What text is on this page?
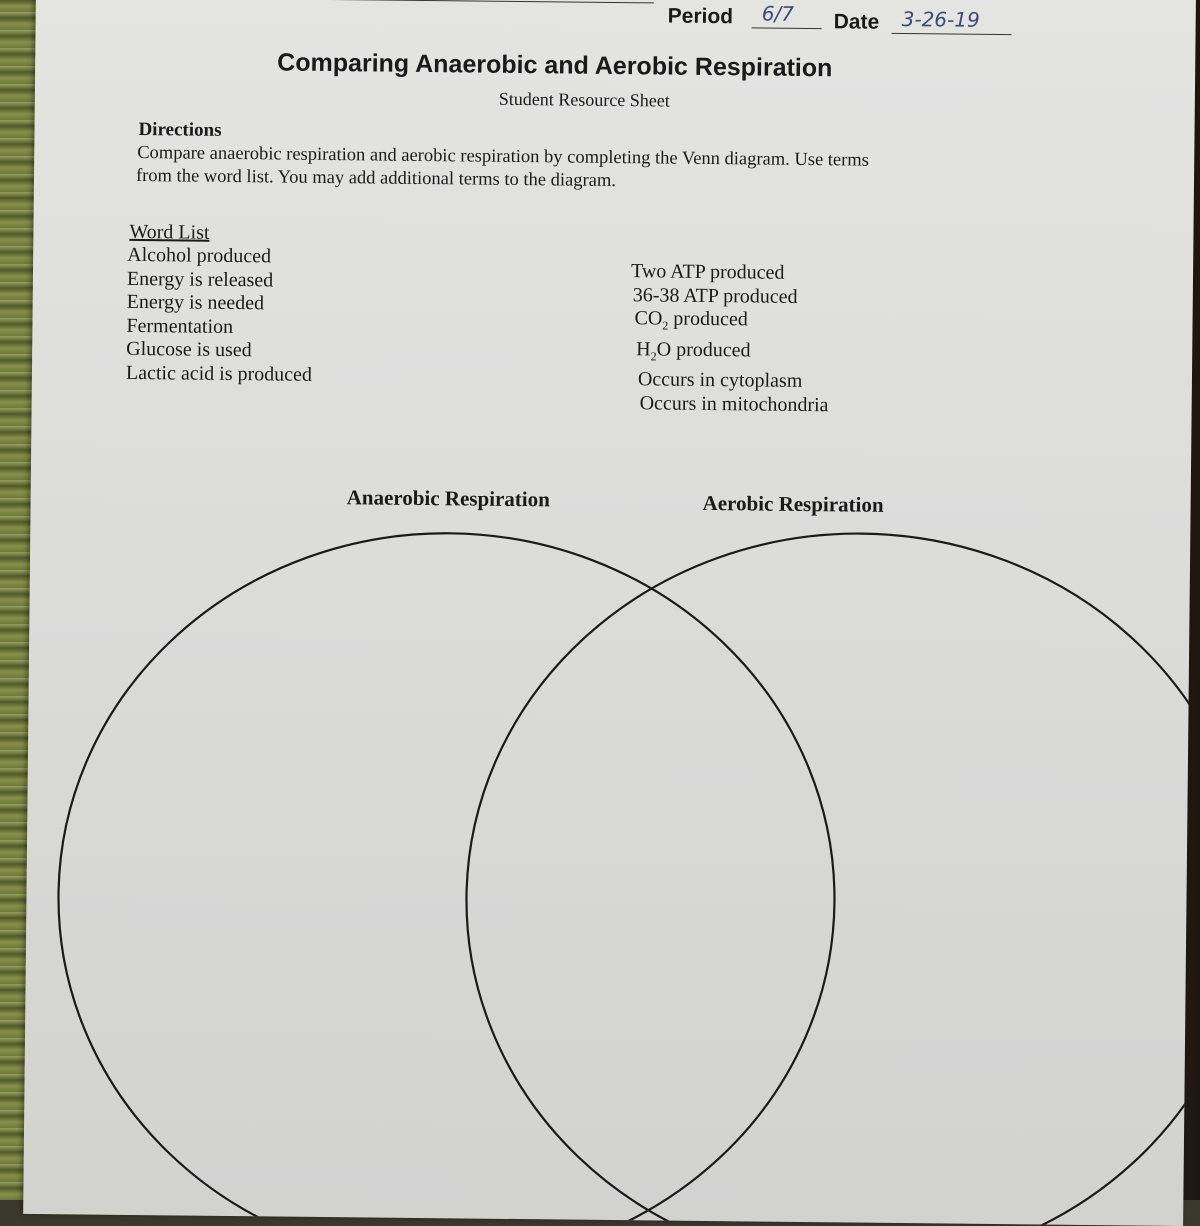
Period 6/7 Date 3-26-19
Comparing Anaerobic and Aerobic Respiration
Student Resource Sheet
Directions
Compare anaerobic respiration and aerobic respiration by completing the Venn diagram. Use terms
from the word list. You may add additional terms to the diagram.
Word List
Alcohol produced
Energy is released
Energy is needed
Fermentation
Glucose is used
Lactic acid is produced
Two ATP produced
36-38 ATP produced
$CO_2$ produced
$H_2O$ produced
Occurs in cytoplasm
Occurs in mitochondria
Anaerobic Respiration	Aerobic Respiration
